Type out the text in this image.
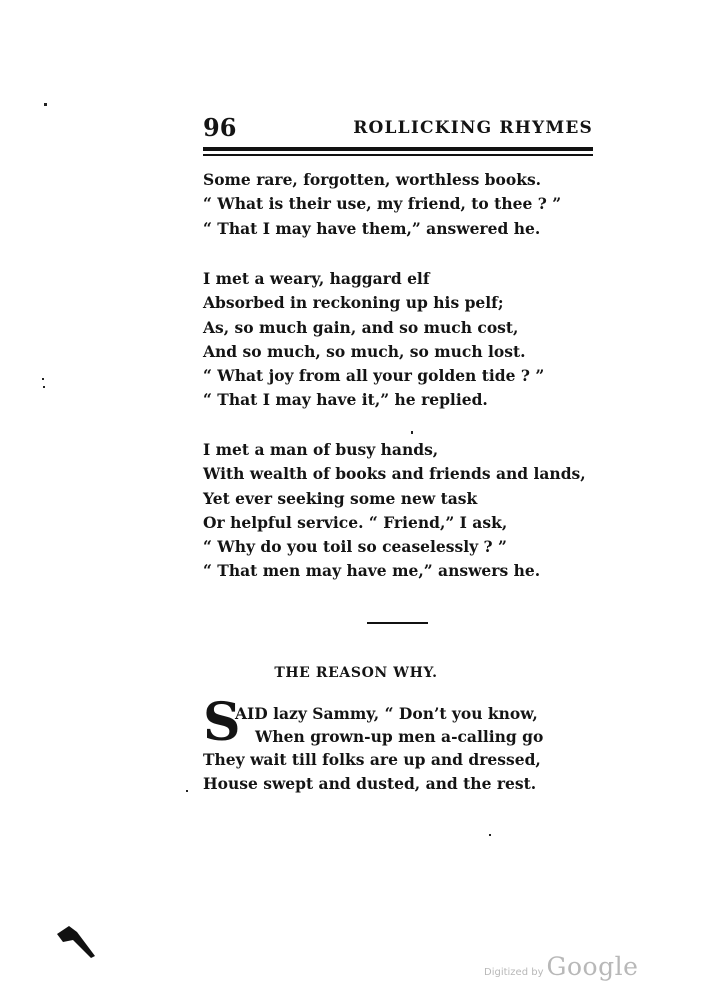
96	ROLLICKING RHYMES
Some rare, forgotten, worthless books.
“ What is their use, my friend, to thee ? ”
“ That I may have them,” answered he.
I met a weary, haggard elf
Absorbed in reckoning up his pelf;
As, so much gain, and so much cost,
And so much, so much, so much lost.
“ What joy from all your golden tide ? ”
“ That I may have it,” he replied.
I met a man of busy hands,
With wealth of books and friends and lands,
Yet ever seeking some new task
Or helpful service. “ Friend,” I ask,
“ Why do you toil so ceaselessly ? ”
“ That men may have me,” answers he.
THE REASON WHY.
S
AID lazy Sammy, “ Don’t you know,
When grown-up men a-calling go
They wait till folks are up and dressed,
House swept and dusted, and the rest.
Digitized by Google
